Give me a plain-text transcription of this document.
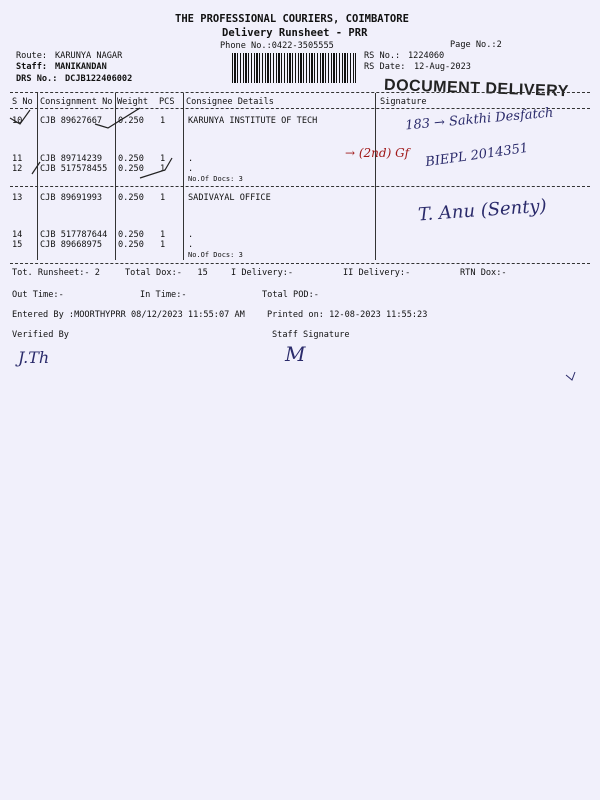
THE PROFESSIONAL COURIERS, COIMBATORE
Delivery Runsheet - PRR
Phone No.:0422-3505555	Page No.:2
Route: KARUNYA NAGAR
Staff: MANIKANDAN
DRS No.: DCJB122406002
RS No.: 1224060
RS Date: 12-Aug-2023
DOCUMENT DELIVERY
S No Consignment No Weight PCS Consignee Details	Signature
10 CJB 89627667 0.250 1	KARUNYA INSTITUTE OF TECH
11 CJB 89714239 0.250 1	.
12 CJB 517578455 0.250 1	.
No.Of Docs: 3
13 CJB 89691993 0.250 1	SADIVAYAL OFFICE
14 CJB 517787644 0.250 1	.
15 CJB 89668975 0.250 1	.
No.Of Docs: 3
Tot. Runsheet:- 2	Total Dox:-   15	I Delivery:-	II Delivery:-	RTN Dox:-
Out Time:-	In Time:-	Total POD:-
Entered By :MOORTHYPRR 08/12/2023 11:55:07 AM	Printed on: 12-08-2023 11:55:23
Verified By	Staff Signature
183 → Sakthi Desfatch
→ (2nd) Gf BIEPL 2014351
T. Anu (Senty)
J.Th	M
